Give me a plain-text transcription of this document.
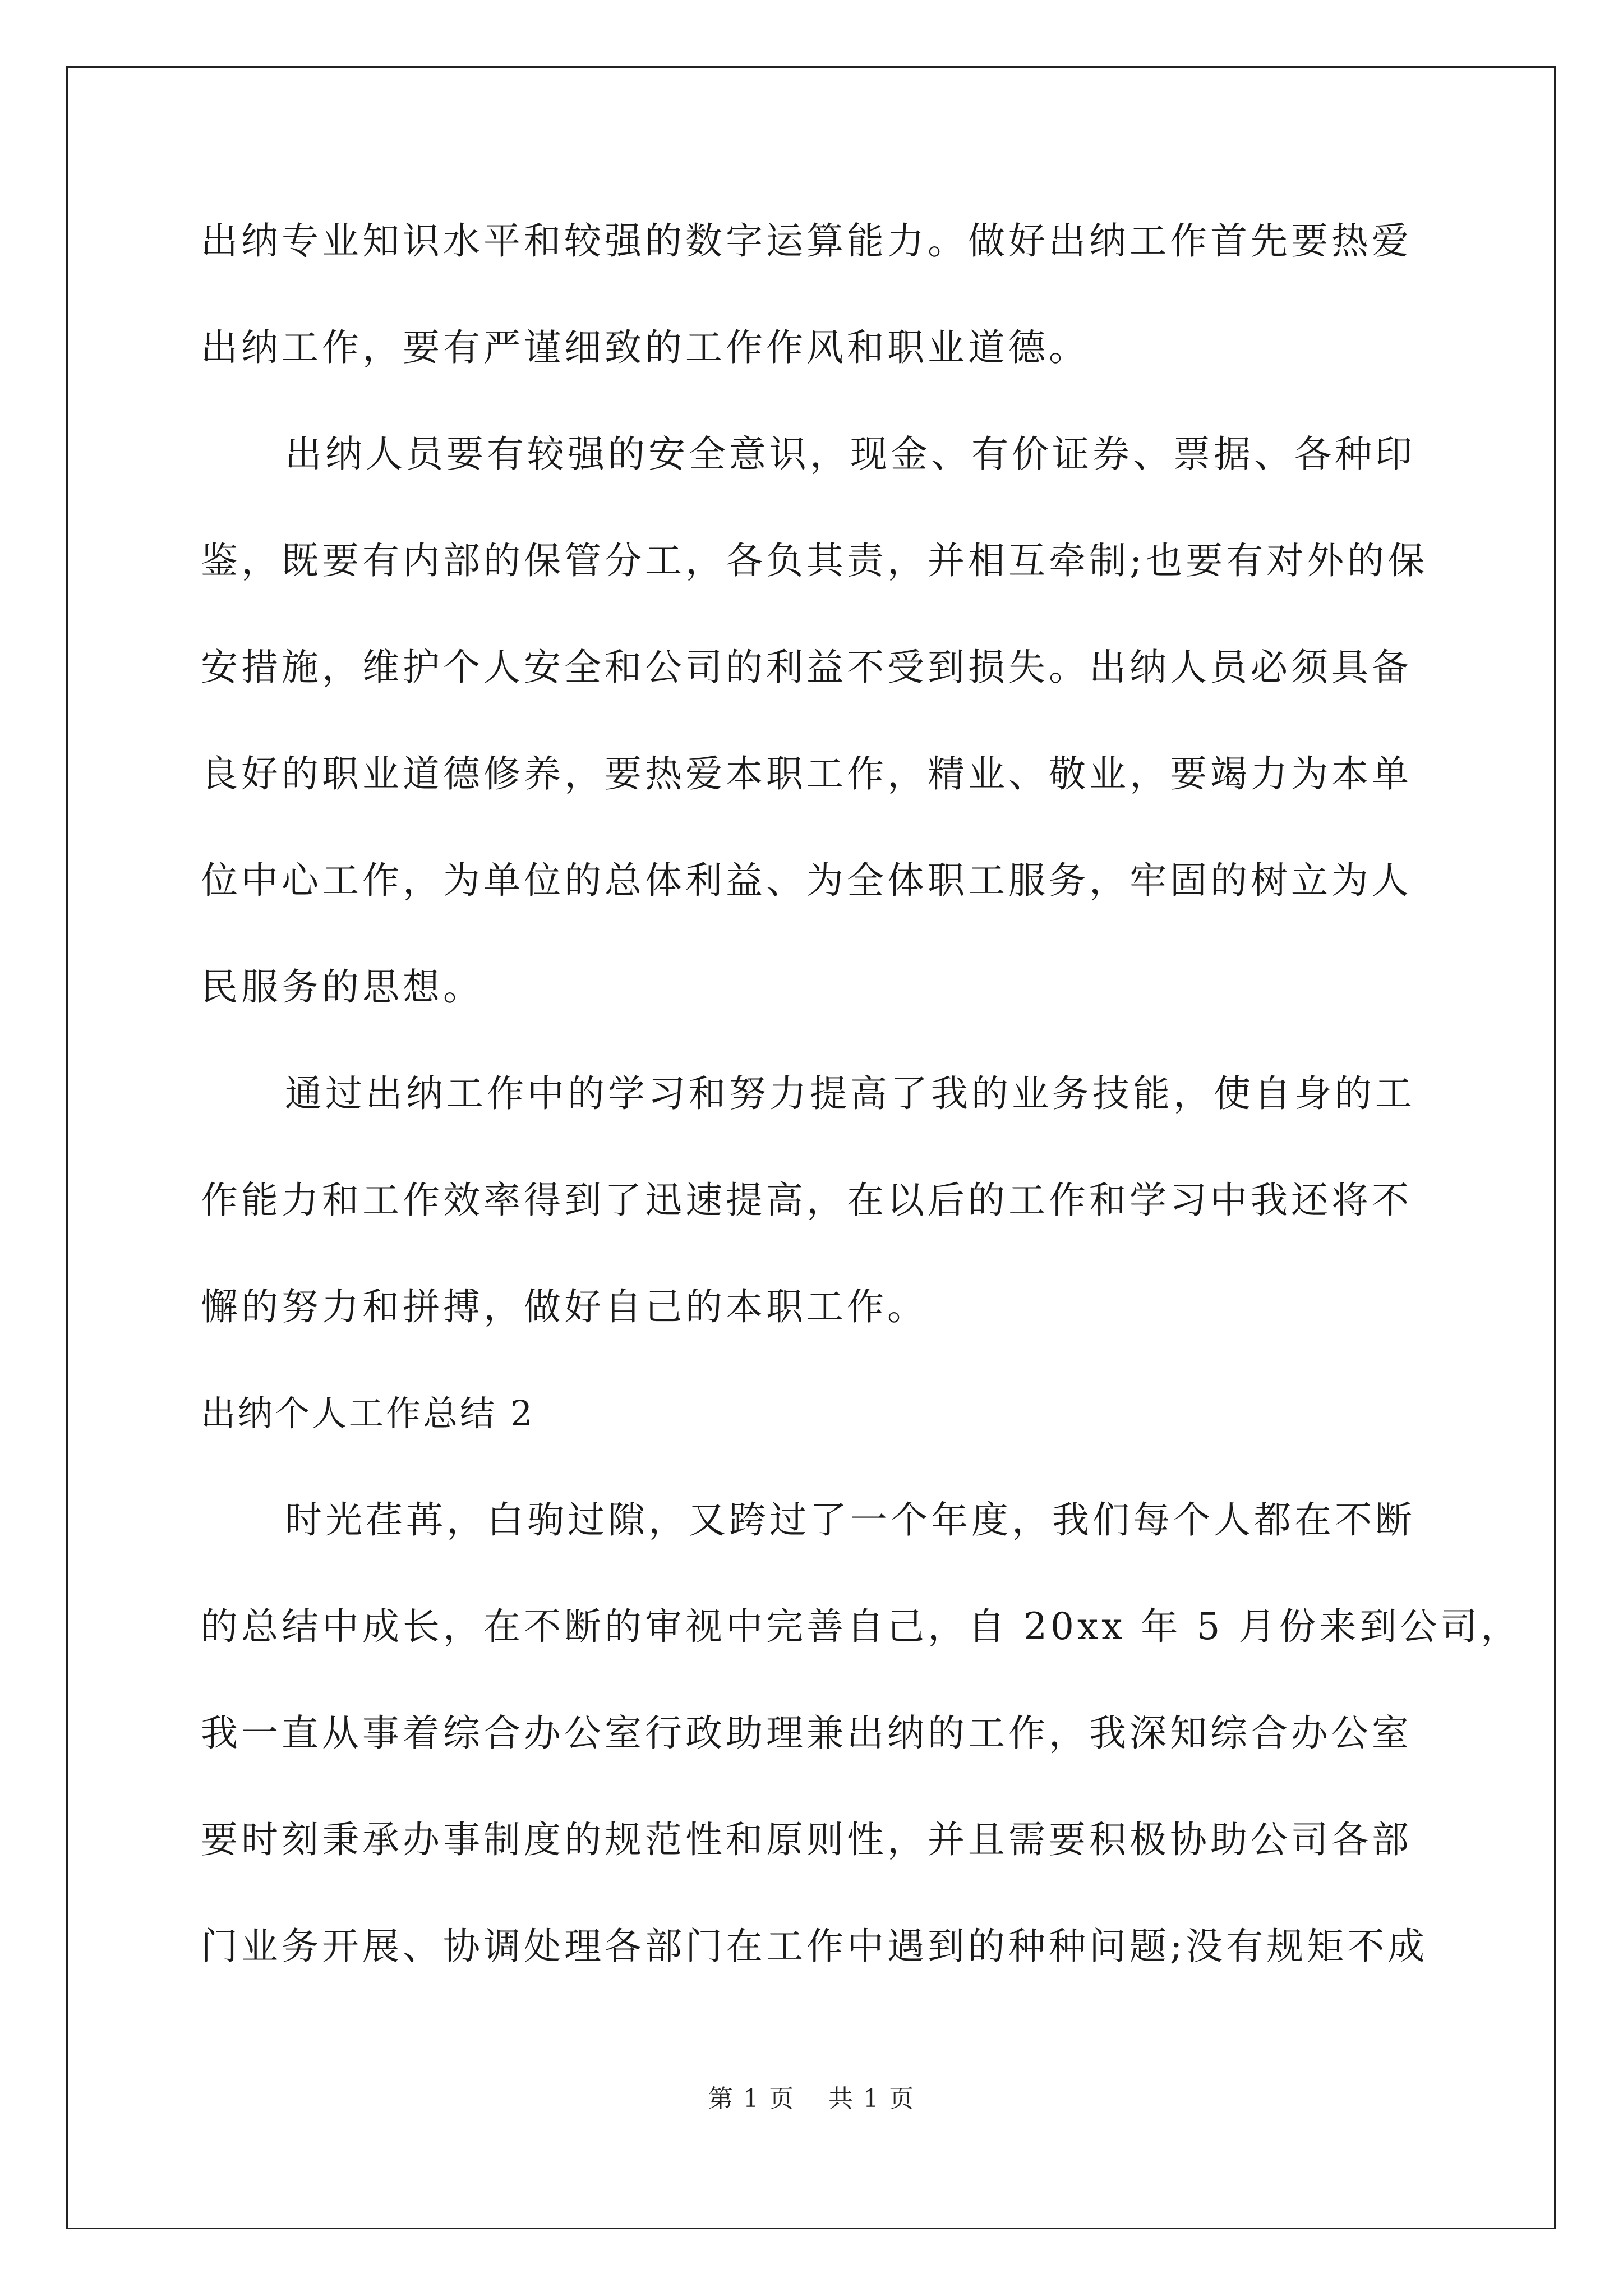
出纳专业知识水平和较强的数字运算能力。做好出纳工作首先要热爱
出纳工作，要有严谨细致的工作作风和职业道德。
出纳人员要有较强的安全意识，现金、有价证券、票据、各种印
鉴，既要有内部的保管分工，各负其责，并相互牵制;也要有对外的保
安措施，维护个人安全和公司的利益不受到损失。出纳人员必须具备
良好的职业道德修养，要热爱本职工作，精业、敬业，要竭力为本单
位中心工作，为单位的总体利益、为全体职工服务，牢固的树立为人
民服务的思想。
通过出纳工作中的学习和努力提高了我的业务技能，使自身的工
作能力和工作效率得到了迅速提高，在以后的工作和学习中我还将不
懈的努力和拼搏，做好自己的本职工作。
出纳个人工作总结 2
时光荏苒，白驹过隙，又跨过了一个年度，我们每个人都在不断
的总结中成长，在不断的审视中完善自己，自 20xx 年 5 月份来到公司，
我一直从事着综合办公室行政助理兼出纳的工作，我深知综合办公室
要时刻秉承办事制度的规范性和原则性，并且需要积极协助公司各部
门业务开展、协调处理各部门在工作中遇到的种种问题;没有规矩不成
第 1 页 共 1 页
